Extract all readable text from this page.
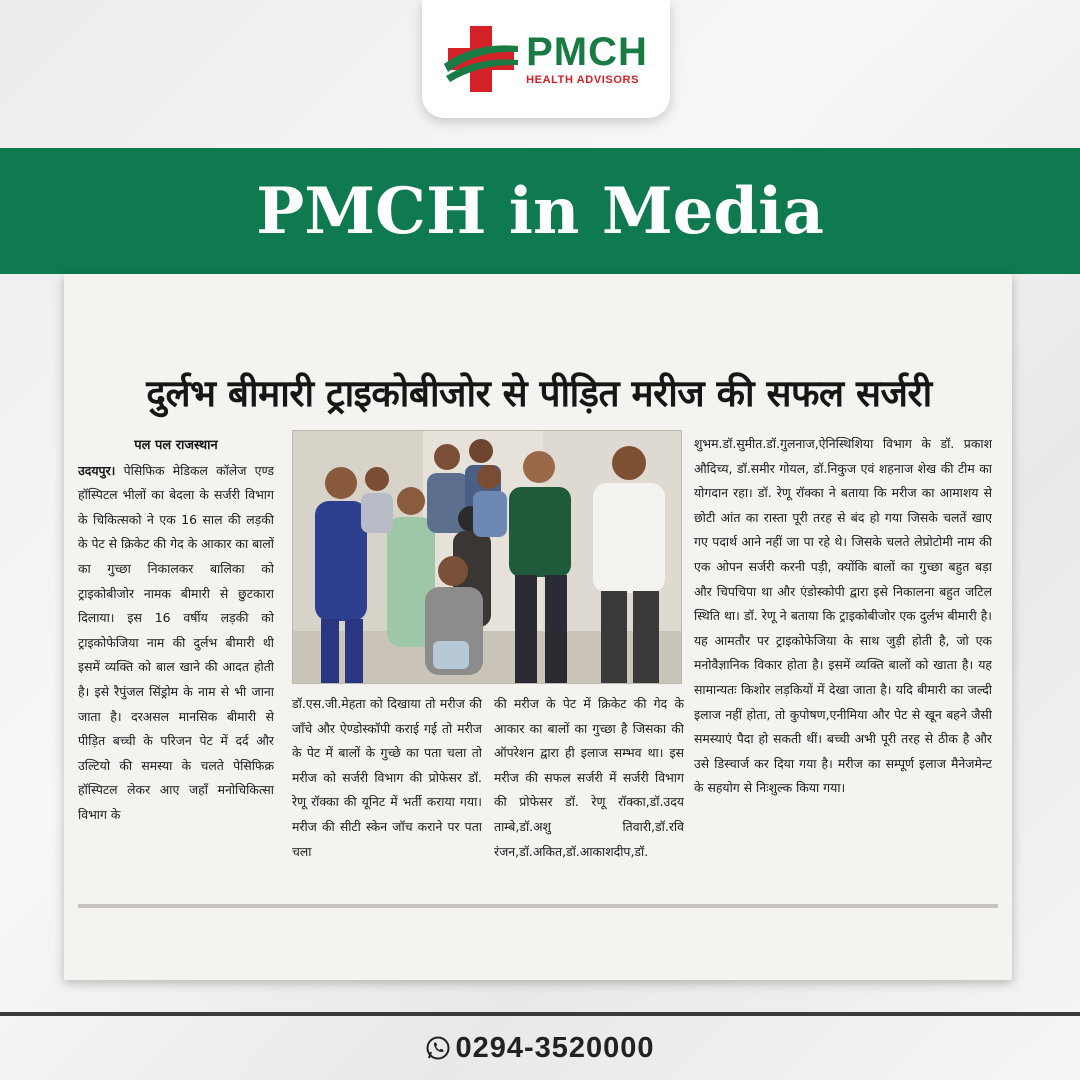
PMCH
HEALTH ADVISORS
PMCH in Media
दुर्लभ बीमारी ट्राइकोबीजोर से पीड़ित मरीज की सफल सर्जरी
पल पल राजस्थान
उदयपुर। पेसिफिक मेडिकल कॉलेज एण्ड हॉस्पिटल भीलों का बेदला के सर्जरी विभाग के चिकित्सको ने एक 16 साल की लड़की के पेट से क्रिकेट की गेद के आकार का बालों का गुच्छा निकालकर बालिका को ट्राइकोबीजोर नामक बीमारी से छुटकारा दिलाया। इस 16 वर्षीय लड़की को ट्राइकोफेजिया नाम की दुर्लभ बीमारी थी इसमें व्यक्ति को बाल खाने की आदत होती है। इसे रैपुंजल सिंड्रोम के नाम से भी जाना जाता है। दरअसल मानसिक बीमारी से पीड़ित बच्ची के परिजन पेट में दर्द और उल्टियो की समस्या के चलते पेसिफिक्र हॉस्पिटल लेकर आए जहाँ मनोचिकित्सा विभाग के
डॉ.एस.जी.मेहता को दिखाया तो मरीज की जाँचे और ऐण्डोस्कॉपी कराई गई तो मरीज के पेट में बालों के गुच्छे का पता चला तो मरीज को सर्जरी विभाग की प्रोफेसर डॉ. रेणू रॉक्का की यूनिट में भर्ती कराया गया। मरीज की सीटी स्केन जॉच कराने पर पता चला
की मरीज के पेट में क्रिकेट की गेद के आकार का बालों का गुच्छा है जिसका की ऑपरेशन द्वारा ही इलाज सम्भव था। इस मरीज की सफल सर्जरी में सर्जरी विभाग की प्रोफेसर डॉ. रेणू रॉक्का,डॉ.उदय ताम्बे,डॉ.अशु तिवारी,डॉ.रवि रंजन,डॉ.अकित,डॉ.आकाशदीप,डॉ.
शुभम.डॉ.सुमीत.डॉ.गुलनाज,ऐनिस्थिशिया विभाग के डॉ. प्रकाश औदिच्य, डॉ.समीर गोयल, डॉ.निकुज एवं शहनाज शेख की टीम का योगदान रहा। डॉ. रेणू रॉक्का ने बताया कि मरीज का आमाशय से छोटी आंत का रास्ता पूरी तरह से बंद हो गया जिसके चलतें खाए गए पदार्थ आने नहीं जा पा रहे थे। जिसके चलते लेप्रोटोमी नाम की एक ओपन सर्जरी करनी पड़ी, क्योंकि बालों का गुच्छा बहुत बड़ा और चिपचिपा था और एंडोस्कोपी द्वारा इसे निकालना बहुत जटिल स्थिति था। डॉ. रेणू ने बताया कि ट्राइकोबीजोर एक दुर्लभ बीमारी है। यह आमतौर पर ट्राइकोफेजिया के साथ जुड़ी होती है, जो एक मनोवैज्ञानिक विकार होता है। इसमें व्यक्ति बालों को खाता है। यह सामान्यतः किशोर लड़कियों में देखा जाता है। यदि बीमारी का जल्दी इलाज नहीं होता, तो कुपोषण,एनीमिया और पेट से खून बहने जैसी समस्याएं पैदा हो सकती थीं। बच्ची अभी पूरी तरह से ठीक है और उसे डिस्चार्ज कर दिया गया है। मरीज का सम्पूर्ण इलाज मैनेजमेन्ट के सहयोग से निःशुल्क किया गया।
0294-3520000
